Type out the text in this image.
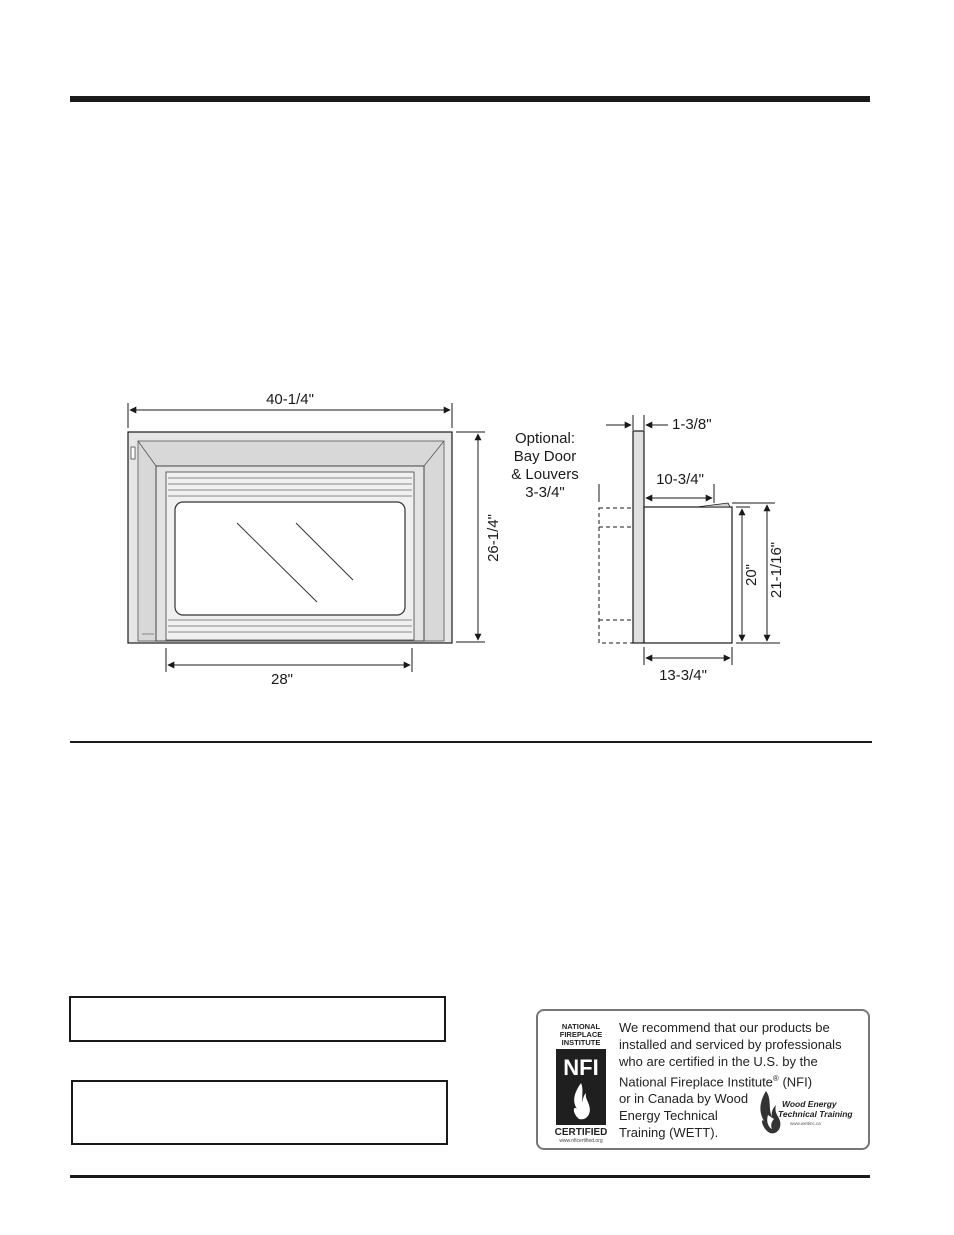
40-1/4"
26-1/4"
28"
1-3/8"
Optional:
Bay Door
& Louvers
3-3/4"
10-3/4"
20" 21-1/16"
13-3/4"
NATIONAL
FIREPLACE
INSTITUTE
NFI
CERTIFIED
www.nficertified.org
We recommend that our products be
installed and serviced by professionals
who are certified in the U.S. by the
National Fireplace Institute® (NFI)
or in Canada by Wood
Energy Technical
Training (WETT).
Wood Energy
Technical Training
www.wettinc.ca
